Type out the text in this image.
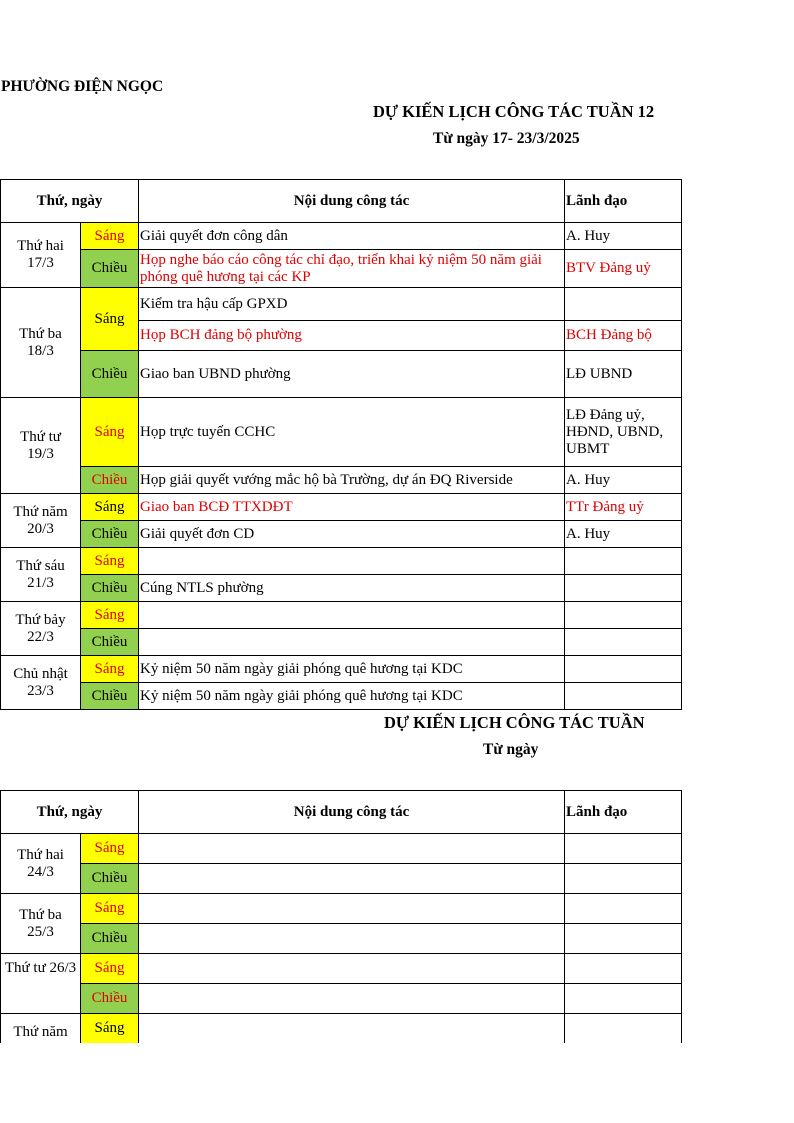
PHƯỜNG ĐIỆN NGỌC
DỰ KIẾN LỊCH CÔNG TÁC TUẦN 12
Từ ngày 17- 23/3/2025
Thứ, ngày		Nội dung công tác	Lãnh đạo
Thứ hai
17/3	Sáng	Giải quyết đơn công dân	A. Huy
	Chiều	Họp nghe báo cáo công tác chỉ đạo, triển khai kỷ niệm 50 năm giải phóng quê hương tại các KP	BTV Đảng uỷ
Thứ ba
18/3	Sáng	Kiểm tra hậu cấp GPXD	
		Họp BCH đảng bộ phường	BCH Đảng bộ
	Chiều	Giao ban UBND phường	LĐ UBND
Thứ tư
19/3	Sáng	Họp trực tuyến CCHC	LĐ Đảng uỷ, HĐND, UBND, UBMT
	Chiều	Họp giải quyết vướng mắc hộ bà Trường, dự án ĐQ Riverside	A. Huy
Thứ năm
20/3	Sáng	Giao ban BCĐ TTXDĐT	TTr Đảng uỷ
	Chiều	Giải quyết đơn CD	A. Huy
Thứ sáu
21/3	Sáng		
	Chiều	Cúng NTLS phường	
Thứ bảy
22/3	Sáng		
	Chiều		
Chủ nhật
23/3	Sáng	Kỷ niệm 50 năm ngày giải phóng quê hương tại KDC	
	Chiều	Kỷ niệm 50 năm ngày giải phóng quê hương tại KDC	
DỰ KIẾN LỊCH CÔNG TÁC TUẦN
Từ ngày
Thứ, ngày		Nội dung công tác	Lãnh đạo
Thứ hai
24/3	Sáng		
	Chiều		
Thứ ba
25/3	Sáng		
	Chiều		
Thứ tư 26/3	Sáng		
	Chiều		
Thứ năm	Sáng		
